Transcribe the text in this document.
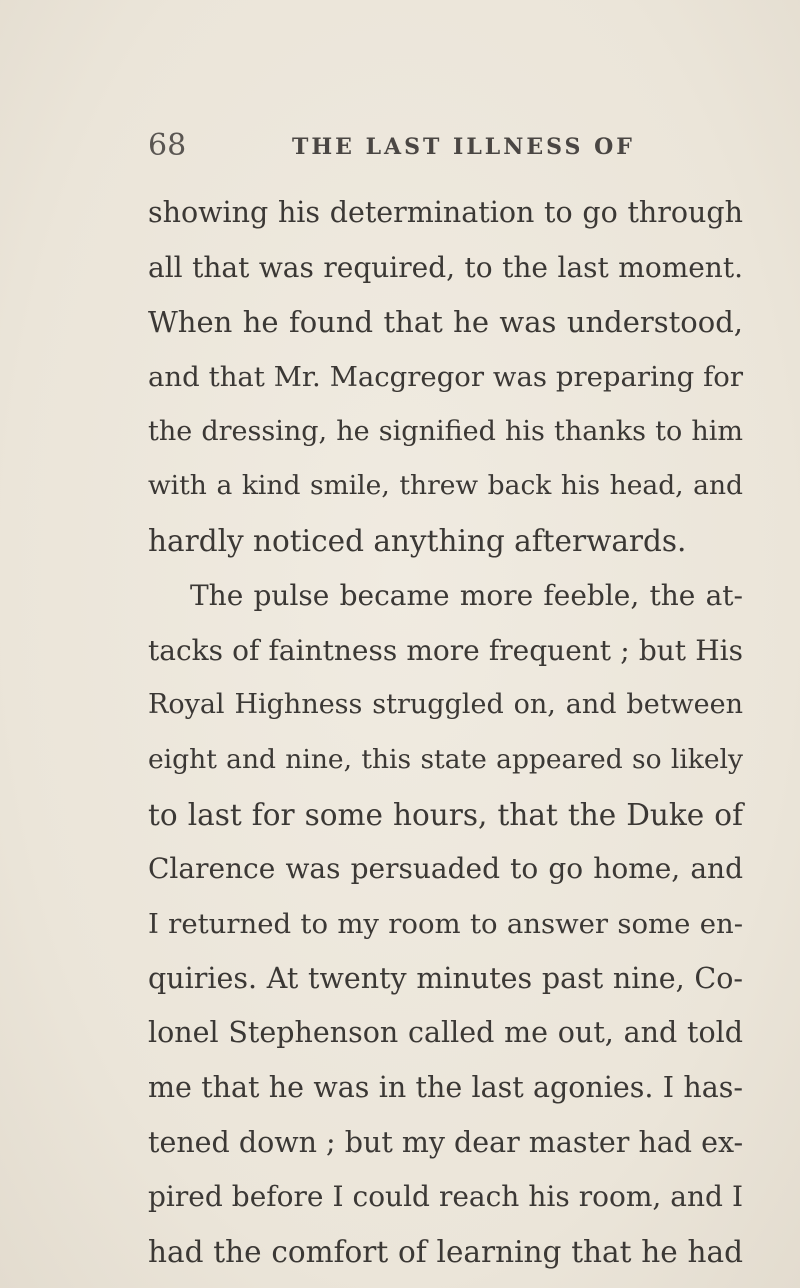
68	THE LAST ILLNESS OF
showing his determination to go through
all that was required, to the last moment.
When he found that he was understood,
and that Mr. Macgregor was preparing for
the dressing, he signified his thanks to him
with a kind smile, threw back his head, and
hardly noticed anything afterwards.
The pulse became more feeble, the at-
tacks of faintness more frequent ; but His
Royal Highness struggled on, and between
eight and nine, this state appeared so likely
to last for some hours, that the Duke of
Clarence was persuaded to go home, and
I returned to my room to answer some en-
quiries. At twenty minutes past nine, Co-
lonel Stephenson called me out, and told
me that he was in the last agonies. I has-
tened down ; but my dear master had ex-
pired before I could reach his room, and I
had the comfort of learning that he had
